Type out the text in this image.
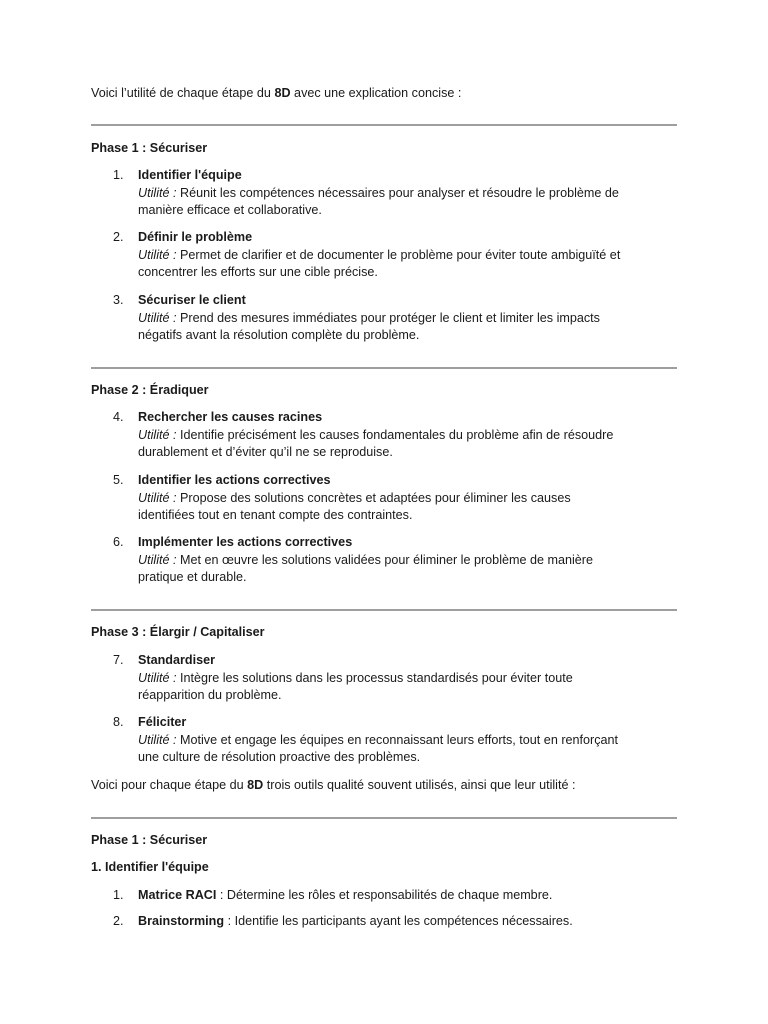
Voici l’utilité de chaque étape du 8D avec une explication concise :
Phase 1 : Sécuriser
1.	Identifier l'équipe
Utilité : Réunit les compétences nécessaires pour analyser et résoudre le problème de
manière efficace et collaborative.
2.	Définir le problème
Utilité : Permet de clarifier et de documenter le problème pour éviter toute ambiguïté et
concentrer les efforts sur une cible précise.
3.	Sécuriser le client
Utilité : Prend des mesures immédiates pour protéger le client et limiter les impacts
négatifs avant la résolution complète du problème.
Phase 2 : Éradiquer
4.	Rechercher les causes racines
Utilité : Identifie précisément les causes fondamentales du problème afin de résoudre
durablement et d’éviter qu’il ne se reproduise.
5.	Identifier les actions correctives
Utilité : Propose des solutions concrètes et adaptées pour éliminer les causes
identifiées tout en tenant compte des contraintes.
6.	Implémenter les actions correctives
Utilité : Met en œuvre les solutions validées pour éliminer le problème de manière
pratique et durable.
Phase 3 : Élargir / Capitaliser
7.	Standardiser
Utilité : Intègre les solutions dans les processus standardisés pour éviter toute
réapparition du problème.
8.	Féliciter
Utilité : Motive et engage les équipes en reconnaissant leurs efforts, tout en renforçant
une culture de résolution proactive des problèmes.
Voici pour chaque étape du 8D trois outils qualité souvent utilisés, ainsi que leur utilité :
Phase 1 : Sécuriser
1. Identifier l'équipe
1.	Matrice RACI : Détermine les rôles et responsabilités de chaque membre.
2.	Brainstorming : Identifie les participants ayant les compétences nécessaires.
